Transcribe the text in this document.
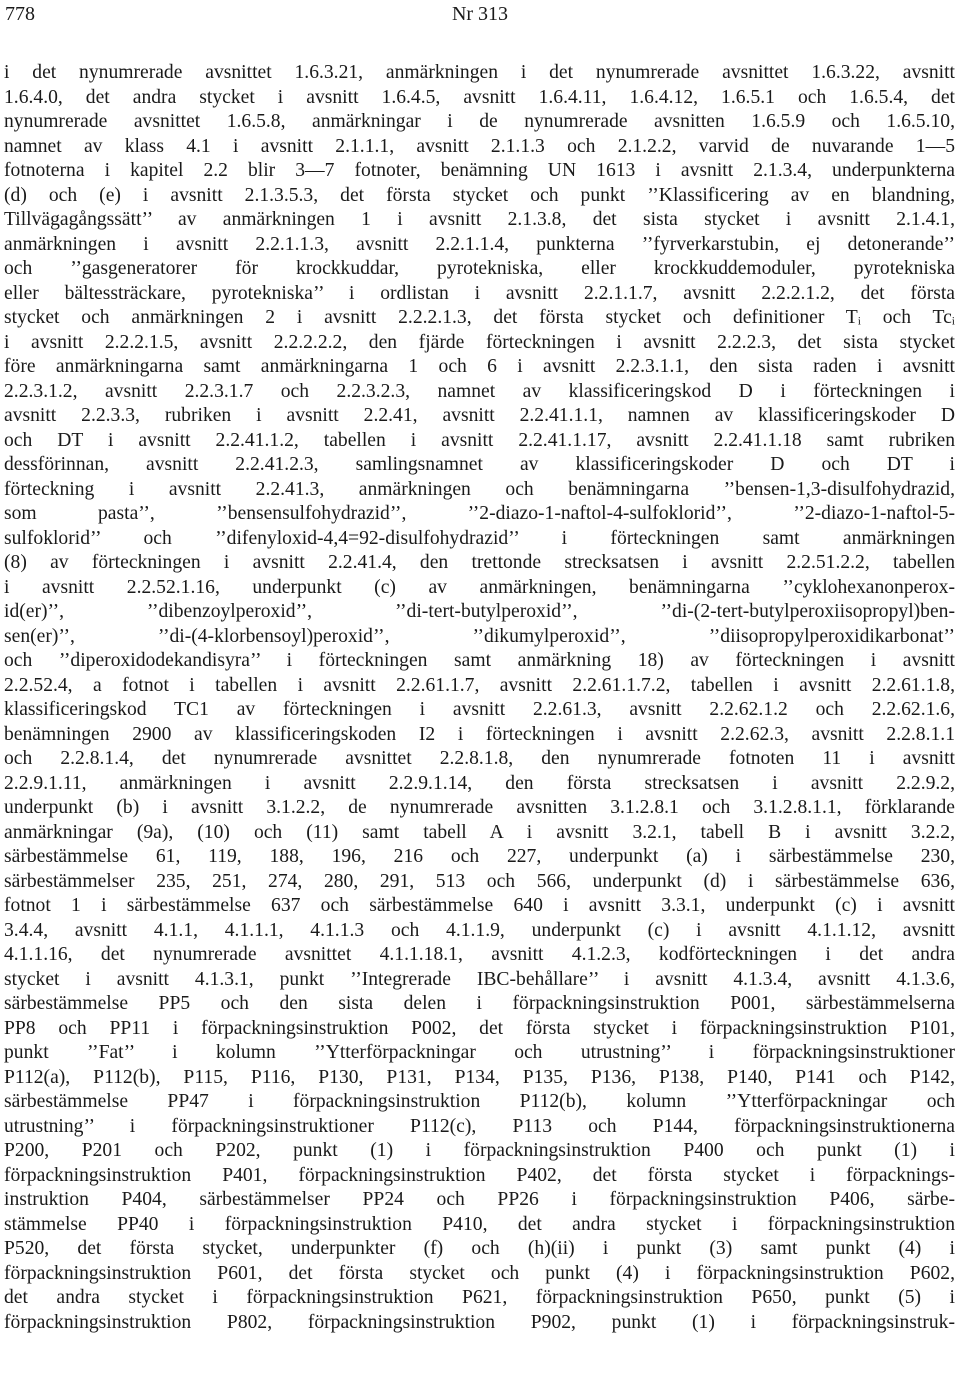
778	Nr 313
i det nynumrerade avsnittet 1.6.3.21, anmärkningen i det nynumrerade avsnittet 1.6.3.22, avsnitt
1.6.4.0, det andra stycket i avsnitt 1.6.4.5, avsnitt 1.6.4.11, 1.6.4.12, 1.6.5.1 och 1.6.5.4, det
nynumrerade avsnittet 1.6.5.8, anmärkningar i de nynumrerade avsnitten 1.6.5.9 och 1.6.5.10,
namnet av klass 4.1 i avsnitt 2.1.1.1, avsnitt 2.1.1.3 och 2.1.2.2, varvid de nuvarande 1—5
fotnoterna i kapitel 2.2 blir 3—7 fotnoter, benämning UN 1613 i avsnitt 2.1.3.4, underpunkterna
(d) och (e) i avsnitt 2.1.3.5.3, det första stycket och punkt ’’Klassificering av en blandning,
Tillvägagångssätt’’ av anmärkningen 1 i avsnitt 2.1.3.8, det sista stycket i avsnitt 2.1.4.1,
anmärkningen i avsnitt 2.2.1.1.3, avsnitt 2.2.1.1.4, punkterna ’’fyrverkarstubin, ej detonerande’’
och ’’gasgeneratorer för krockkuddar, pyrotekniska, eller krockkuddemoduler, pyrotekniska
eller bältessträckare, pyrotekniska’’ i ordlistan i avsnitt 2.2.1.1.7, avsnitt 2.2.2.1.2, det första
stycket och anmärkningen 2 i avsnitt 2.2.2.1.3, det första stycket och definitioner Tᵢ och Tcᵢ
i avsnitt 2.2.2.1.5, avsnitt 2.2.2.2.2, den fjärde förteckningen i avsnitt 2.2.2.3, det sista stycket
före anmärkningarna samt anmärkningarna 1 och 6 i avsnitt 2.2.3.1.1, den sista raden i avsnitt
2.2.3.1.2, avsnitt 2.2.3.1.7 och 2.2.3.2.3, namnet av klassificeringskod D i förteckningen i
avsnitt 2.2.3.3, rubriken i avsnitt 2.2.41, avsnitt 2.2.41.1.1, namnen av klassificeringskoder D
och DT i avsnitt 2.2.41.1.2, tabellen i avsnitt 2.2.41.1.17, avsnitt 2.2.41.1.18 samt rubriken
dessförinnan, avsnitt 2.2.41.2.3, samlingsnamnet av klassificeringskoder D och DT i
förteckning i avsnitt 2.2.41.3, anmärkningen och benämningarna ’’bensen-1,3-disulfohydrazid,
som pasta’’, ’’bensensulfohydrazid’’, ’’2-diazo-1-naftol-4-sulfoklorid’’, ’’2-diazo-1-naftol-5-
sulfoklorid’’ och ’’difenyloxid-4,4=92-disulfohydrazid’’ i förteckningen samt anmärkningen
(8) av förteckningen i avsnitt 2.2.41.4, den trettonde strecksatsen i avsnitt 2.2.51.2.2, tabellen
i avsnitt 2.2.52.1.16, underpunkt (c) av anmärkningen, benämningarna ’’cyklohexanonperox-
id(er)’’, ’’dibenzoylperoxid’’, ’’di-tert-butylperoxid’’, ’’di-(2-tert-butylperoxiisopropyl)ben-
sen(er)’’, ’’di-(4-klorbensoyl)peroxid’’, ’’dikumylperoxid’’, ’’diisopropylperoxidikarbonat’’
och ’’diperoxidodekandisyra’’ i förteckningen samt anmärkning 18) av förteckningen i avsnitt
2.2.52.4, a fotnot i tabellen i avsnitt 2.2.61.1.7, avsnitt 2.2.61.1.7.2, tabellen i avsnitt 2.2.61.1.8,
klassificeringskod TC1 av förteckningen i avsnitt 2.2.61.3, avsnitt 2.2.62.1.2 och 2.2.62.1.6,
benämningen 2900 av klassificeringskoden I2 i förteckningen i avsnitt 2.2.62.3, avsnitt 2.2.8.1.1
och 2.2.8.1.4, det nynumrerade avsnittet 2.2.8.1.8, den nynumrerade fotnoten 11 i avsnitt
2.2.9.1.11, anmärkningen i avsnitt 2.2.9.1.14, den första strecksatsen i avsnitt 2.2.9.2,
underpunkt (b) i avsnitt 3.1.2.2, de nynumrerade avsnitten 3.1.2.8.1 och 3.1.2.8.1.1, förklarande
anmärkningar (9a), (10) och (11) samt tabell A i avsnitt 3.2.1, tabell B i avsnitt 3.2.2,
särbestämmelse 61, 119, 188, 196, 216 och 227, underpunkt (a) i särbestämmelse 230,
särbestämmelser 235, 251, 274, 280, 291, 513 och 566, underpunkt (d) i särbestämmelse 636,
fotnot 1 i särbestämmelse 637 och särbestämmelse 640 i avsnitt 3.3.1, underpunkt (c) i avsnitt
3.4.4, avsnitt 4.1.1, 4.1.1.1, 4.1.1.3 och 4.1.1.9, underpunkt (c) i avsnitt 4.1.1.12, avsnitt
4.1.1.16, det nynumrerade avsnittet 4.1.1.18.1, avsnitt 4.1.2.3, kodförteckningen i det andra
stycket i avsnitt 4.1.3.1, punkt ’’Integrerade IBC-behållare’’ i avsnitt 4.1.3.4, avsnitt 4.1.3.6,
särbestämmelse PP5 och den sista delen i förpackningsinstruktion P001, särbestämmelserna
PP8 och PP11 i förpackningsinstruktion P002, det första stycket i förpackningsinstruktion P101,
punkt ’’Fat’’ i kolumn ’’Ytterförpackningar och utrustning’’ i förpackningsinstruktioner
P112(a), P112(b), P115, P116, P130, P131, P134, P135, P136, P138, P140, P141 och P142,
särbestämmelse PP47 i förpackningsinstruktion P112(b), kolumn ’’Ytterförpackningar och
utrustning’’ i förpackningsinstruktioner P112(c), P113 och P144, förpackningsinstruktionerna
P200, P201 och P202, punkt (1) i förpackningsinstruktion P400 och punkt (1) i
förpackningsinstruktion P401, förpackningsinstruktion P402, det första stycket i förpacknings-
instruktion P404, särbestämmelser PP24 och PP26 i förpackningsinstruktion P406, särbe-
stämmelse PP40 i förpackningsinstruktion P410, det andra stycket i förpackningsinstruktion
P520, det första stycket, underpunkter (f) och (h)(ii) i punkt (3) samt punkt (4) i
förpackningsinstruktion P601, det första stycket och punkt (4) i förpackningsinstruktion P602,
det andra stycket i förpackningsinstruktion P621, förpackningsinstruktion P650, punkt (5) i
förpackningsinstruktion P802, förpackningsinstruktion P902, punkt (1) i förpackningsinstruk-
